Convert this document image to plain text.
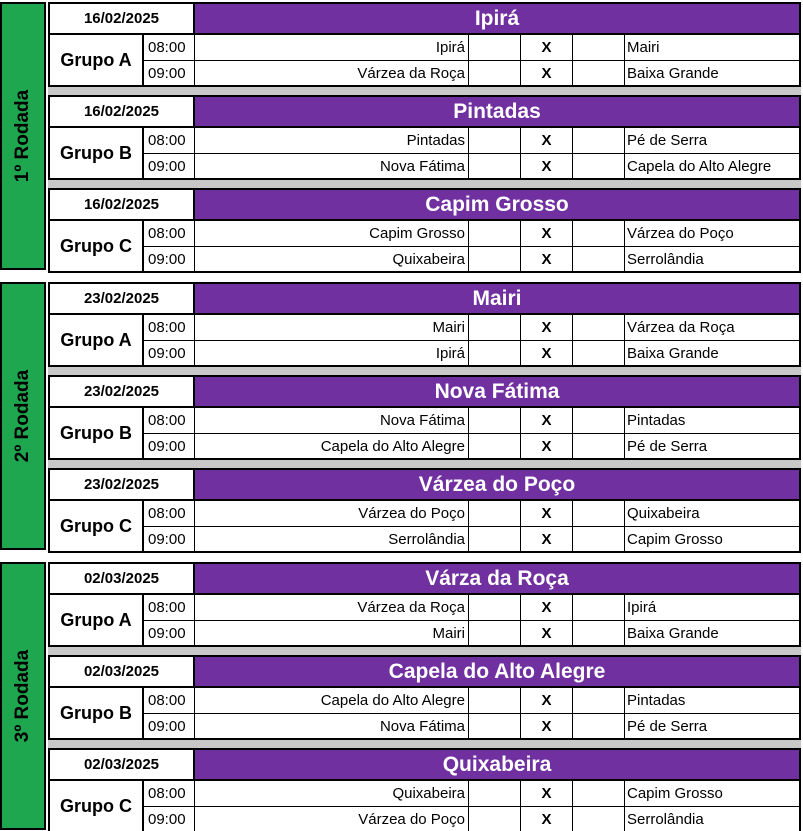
1º Rodada
16/02/2025	Ipirá
Grupo A
08:00	Ipirá	X	Mairi
09:00	Várzea da Roça	X	Baixa Grande
16/02/2025	Pintadas
Grupo B
08:00	Pintadas	X	Pé de Serra
09:00	Nova Fátima	X	Capela do Alto Alegre
16/02/2025	Capim Grosso
Grupo C
08:00	Capim Grosso	X	Várzea do Poço
09:00	Quixabeira	X	Serrolândia
2º Rodada
23/02/2025	Mairi
Grupo A
08:00	Mairi	X	Várzea da Roça
09:00	Ipirá	X	Baixa Grande
23/02/2025	Nova Fátima
Grupo B
08:00	Nova Fátima	X	Pintadas
09:00	Capela do Alto Alegre	X	Pé de Serra
23/02/2025	Várzea do Poço
Grupo C
08:00	Várzea do Poço	X	Quixabeira
09:00	Serrolândia	X	Capim Grosso
3º Rodada
02/03/2025	Várza da Roça
Grupo A
08:00	Várzea da Roça	X	Ipirá
09:00	Mairi	X	Baixa Grande
02/03/2025	Capela do Alto Alegre
Grupo B
08:00	Capela do Alto Alegre	X	Pintadas
09:00	Nova Fátima	X	Pé de Serra
02/03/2025	Quixabeira
Grupo C
08:00	Quixabeira	X	Capim Grosso
09:00	Várzea do Poço	X	Serrolândia
